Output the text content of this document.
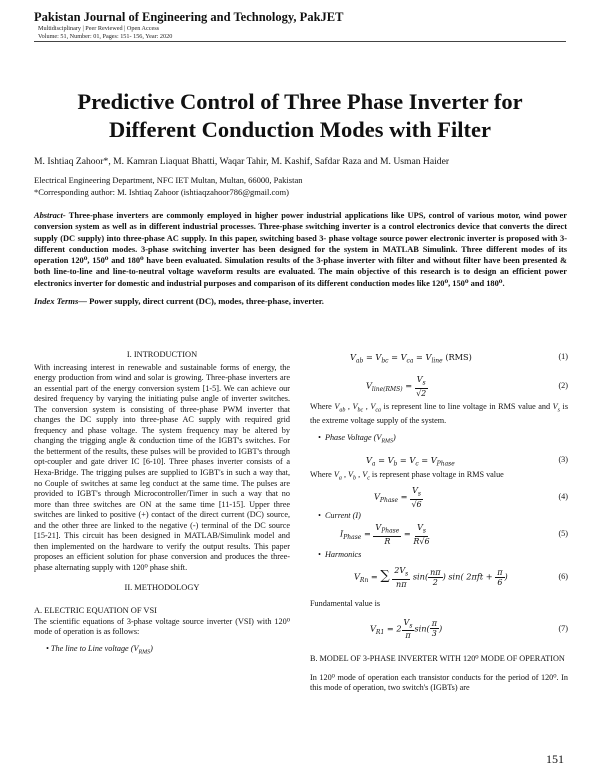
Pakistan Journal of Engineering and Technology, PakJET
Multidisciplinary | Peer Reviewed | Open Access
Volume: 51, Number: 01, Pages: 151- 156, Year: 2020
Predictive Control of Three Phase Inverter for Different Conduction Modes with Filter
M. Ishtiaq Zahoor*, M. Kamran Liaquat Bhatti, Waqar Tahir, M. Kashif, Safdar Raza and M. Usman Haider
Electrical Engineering Department, NFC IET Multan, Multan, 66000, Pakistan
*Corresponding author: M. Ishtiaq Zahoor (ishtiaqzahoor786@gmail.com)
Abstract- Three-phase inverters are commonly employed in higher power industrial applications like UPS, control of various motor, wind power conversion system as well as in different industrial processes. Three-phase switching inverter is a control electronics device that converts the direct supply (DC supply) into three-phase AC supply. In this paper, switching based 3- phase voltage source power electronic inverter is proposed with 3-different conduction modes. 3-phase switching inverter has been designed for the system in MATLAB Simulink. Three different modes of its operation 120⁰, 150⁰ and 180⁰ have been evaluated. Simulation results of the 3-phase inverter with filter and without filter have been presented & both line-to-line and line-to-neutral voltage waveform results are evaluated. The main objective of this research is to design an efficient power electronics inverter for domestic and industrial purposes and comparison of its different conduction modes like 120⁰, 150⁰ and 180⁰.
Index Terms— Power supply, direct current (DC), modes, three-phase, inverter.
I. INTRODUCTION

With increasing interest in renewable and sustainable forms of energy, the energy production from wind and solar is growing. Three-phase inverters are an essential part of the energy conversion system [1-5]. We can achieve our desired frequency by varying the initiating pulse angle of inverter switches. The conversion system is consisting of three-phase PWM inverter that changes the DC supply into three-phase AC supply with required grid frequency and phase voltage. The system frequency may be altered by changing the trigging angle & conduction time of the IGBT's switches. For the betterment of the results, these pulses will be provided to IGBT's through opt-coupler and gate driver IC [6-10]. Three phases inverter consists of a Hexa-Bridge. The trigging pulses are supplied to IGBT's in such a way that, no Couple of switches at same leg conduct at the same time. The pulses are provided to IGBT's through Microcontroller/Timer in such a way that no more than three switches are ON at the same time [11-15]. Upper three switches are linked to positive (+) contact of the direct current (DC) source, and the other three are linked to the negative (-) terminal of the DC source [15-21]. This circuit has been designed in MATLAB/Simulink model and then implemented on the hardware to verify the output results. This paper proposes an efficient solution for phase conversion and produces the three-phase alternating supply with 120⁰ phase shift.

II. METHODOLOGY
A. ELECTRIC EQUATION OF VSI

The scientific equations of 3-phase voltage source inverter (VSI) with 120⁰ mode of operation is as follows:

• The line to Line voltage $(V_{RMS})$
$V_{ab} = V_{bc} = V_{ca} = V_{line}$ (RMS)	(1)
$V_{line(RMS)} = \frac{V_s}{√2}$	(2)

Where $V_{ab}$ , $V_{bc}$ , $V_{ca}$ is represent line to line voltage in RMS value and $V_s$ is the extreme voltage supply of the system.

•  Phase Voltage $(V_{RMS})$
$V_a = V_b = V_c = V_{Phase}$
(3)

Where $V_a$ , $V_b$ , $V_c$ is represent phase voltage in RMS value

$V_{Phase} = \frac{V_s}{√6}$	(4)
•  Current (I)
$I_{Phase} = \frac{V_{Phase}}{R} = \frac{V_s}{R√6}$	(5)
•  Harmonics
$V_{Rn}$ = ∑ $\frac{2V_s}{n\pi} \sin( \frac{n\pi}{2}$ ) sin( $2\pi ft + \frac{\pi}{6}$ )	(6)

Fundamental value is

$V_{R1} = 2 \frac{V_s}{\pi} \sin( \frac{\pi}{3}$ )	(7)

B. MODEL OF 3-PHASE INVERTER WITH 120⁰ MODE OF OPERATION

In 120⁰ mode of operation each transistor conducts for the period of 120⁰. In this mode of operation, two switch's (IGBTs) are

151
